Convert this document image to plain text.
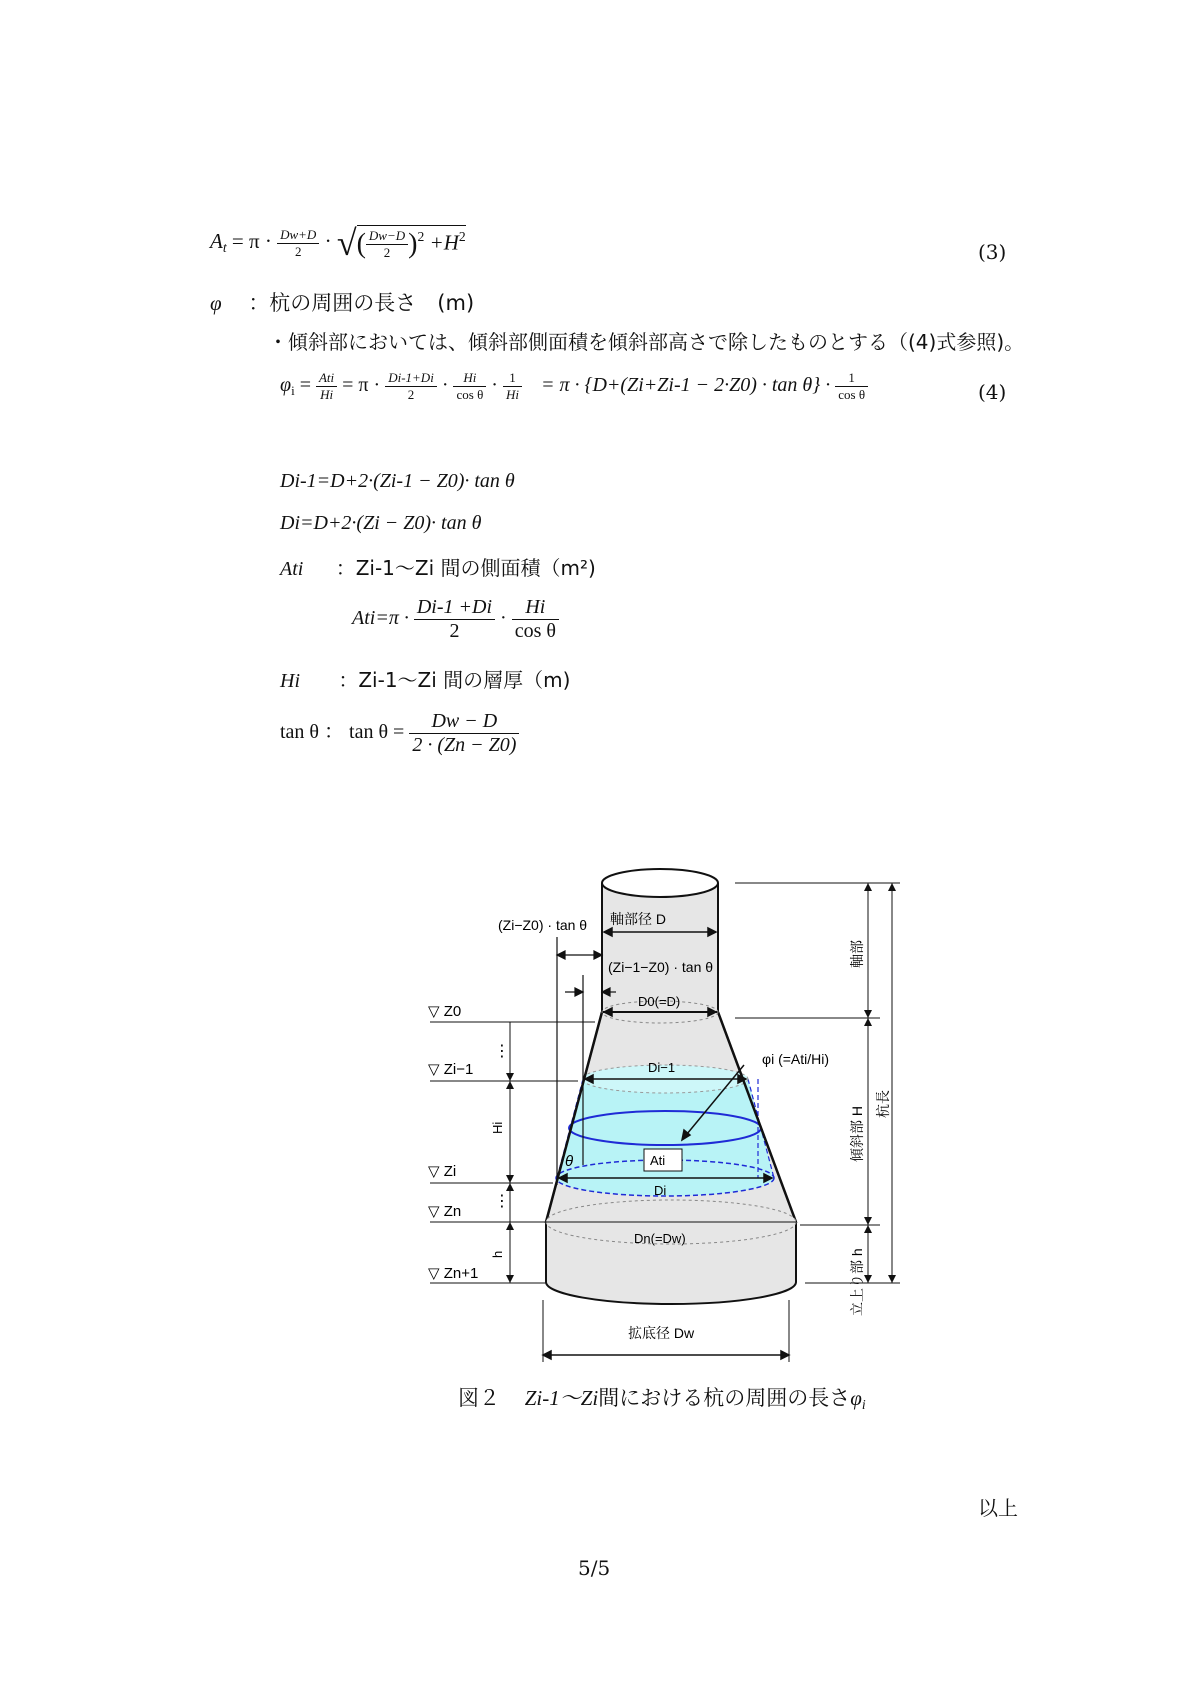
$A_t = \pi \cdot \frac{Dw+D}{2}$ · √( $\frac{Dw-D}{2} )^2 +H^2$
(3)
φ ：杭の周囲の長さ　(m)
・傾斜部においては、傾斜部側面積を傾斜部高さで除したものとする（(4)式参照)。
$\varphi_i = \frac{\text{Ati}}{Hi} = \pi \cdot \frac{Di-1+Di}{2} \cdot \frac{Hi}{\text{cos θ}} \cdot \frac{1}{Hi} = \pi \cdot \{D+(Zi+Zi-1 - 2\cdot Z0) \cdot \tan \theta\} \cdot \frac{1}{\text{cos θ}}$	(4)
Di-1=D+2·(Zi-1 − Z0)· tan θ
Di=D+2·(Zi − Z0)· tan θ
Ati ：Zi-1～Zi 間の側面積（m²)
$Ati=\pi \cdot \frac{Di-1 +Di}{2} \cdot \frac{Hi}{\text{cos θ}}$
Hi ：Zi-1～Zi 間の層厚（m)
tan θ ： $\tan \theta = \frac{Dw - D}{2 \cdot (Zn - Z0)}$
軸部径 D
(Zi−Z0) · tan θ
(Zi−1−Z0) · tan θ
D0(=D)
Di−1
φi (=Ati/Hi)
Ati
Di
Dn(=Dw)
拡底径 Dw
θ
Hi
h
軸部
傾斜部 H
杭長
立上り部 h
▽ Z0
▽ Zi−1
▽ Zi
▽ Zn
▽ Zn+1
⋮
⋮
図２ Zi-1～Zi間における杭の周囲の長さ$\varphi_i$
以上
5/5
